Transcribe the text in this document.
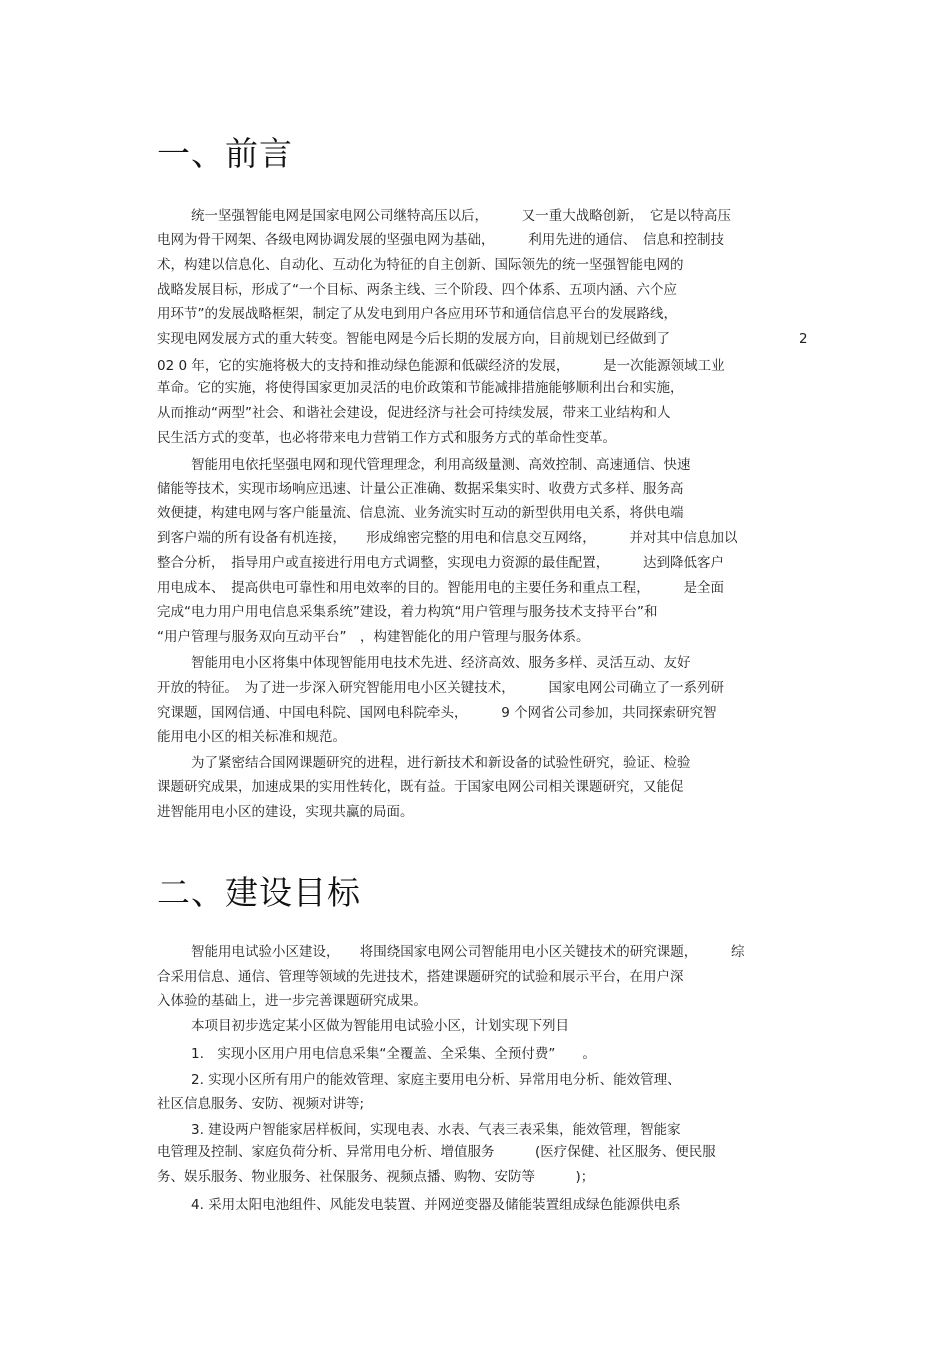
一、前言
统一坚强智能电网是国家电网公司继特高压以后，　　　又一重大战略创新，　它是以特高压
电网为骨干网架、各级电网协调发展的坚强电网为基础，　　　利用先进的通信、　信息和控制技
术，构建以信息化、自动化、互动化为特征的自主创新、国际领先的统一坚强智能电网的
战略发展目标，形成了“一个目标、两条主线、三个阶段、四个体系、五项内涵、六个应
用环节”的发展战略框架，制定了从发电到用户各应用环节和通信信息平台的发展路线，
实现电网发展方式的重大转变。智能电网是今后长期的发展方向，目前规划已经做到了	2
02 0 年，它的实施将极大的支持和推动绿色能源和低碳经济的发展，　　　是一次能源领域工业
革命。它的实施，将使得国家更加灵活的电价政策和节能减排措施能够顺利出台和实施，
从而推动“两型”社会、和谐社会建设，促进经济与社会可持续发展，带来工业结构和人
民生活方式的变革，也必将带来电力营销工作方式和服务方式的革命性变革。
智能用电依托坚强电网和现代管理理念，利用高级量测、高效控制、高速通信、快速
储能等技术，实现市场响应迅速、计量公正准确、数据采集实时、收费方式多样、服务高
效便捷，构建电网与客户能量流、信息流、业务流实时互动的新型供用电关系，将供电端
到客户端的所有设备有机连接，　　形成绵密完整的用电和信息交互网络，　　　并对其中信息加以
整合分析，　指导用户或直接进行用电方式调整，实现电力资源的最佳配置，　　　达到降低客户
用电成本、　提高供电可靠性和用电效率的目的。智能用电的主要任务和重点工程，　　　是全面
完成“电力用户用电信息采集系统”建设，着力构筑“用户管理与服务技术支持平台”和
“用户管理与服务双向互动平台”　，构建智能化的用户管理与服务体系。
智能用电小区将集中体现智能用电技术先进、经济高效、服务多样、灵活互动、友好
开放的特征。　为了进一步深入研究智能用电小区关键技术，　　　国家电网公司确立了一系列研
究课题，国网信通、中国电科院、国网电科院牵头，　　　9 个网省公司参加，共同探索研究智
能用电小区的相关标准和规范。
为了紧密结合国网课题研究的进程，进行新技术和新设备的试验性研究，验证、检验
课题研究成果，加速成果的实用性转化，既有益。于国家电网公司相关课题研究，又能促
进智能用电小区的建设，实现共赢的局面。
二、建设目标
智能用电试验小区建设，　　将围绕国家电网公司智能用电小区关键技术的研究课题，　　　综
合采用信息、通信、管理等领域的先进技术，搭建课题研究的试验和展示平台，在用户深
入体验的基础上，进一步完善课题研究成果。
本项目初步选定某小区做为智能用电试验小区，计划实现下列目
1.　实现小区用户用电信息采集“全覆盖、全采集、全预付费”　　。
2. 实现小区所有用户的能效管理、家庭主要用电分析、异常用电分析、能效管理、
社区信息服务、安防、视频对讲等;
3. 建设两户智能家居样板间，实现电表、水表、气表三表采集，能效管理，智能家
电管理及控制、家庭负荷分析、异常用电分析、增值服务　　　(医疗保健、社区服务、便民服
务、娱乐服务、物业服务、社保服务、视频点播、购物、安防等　　　)；
4. 采用太阳电池组件、风能发电装置、并网逆变器及储能装置组成绿色能源供电系
